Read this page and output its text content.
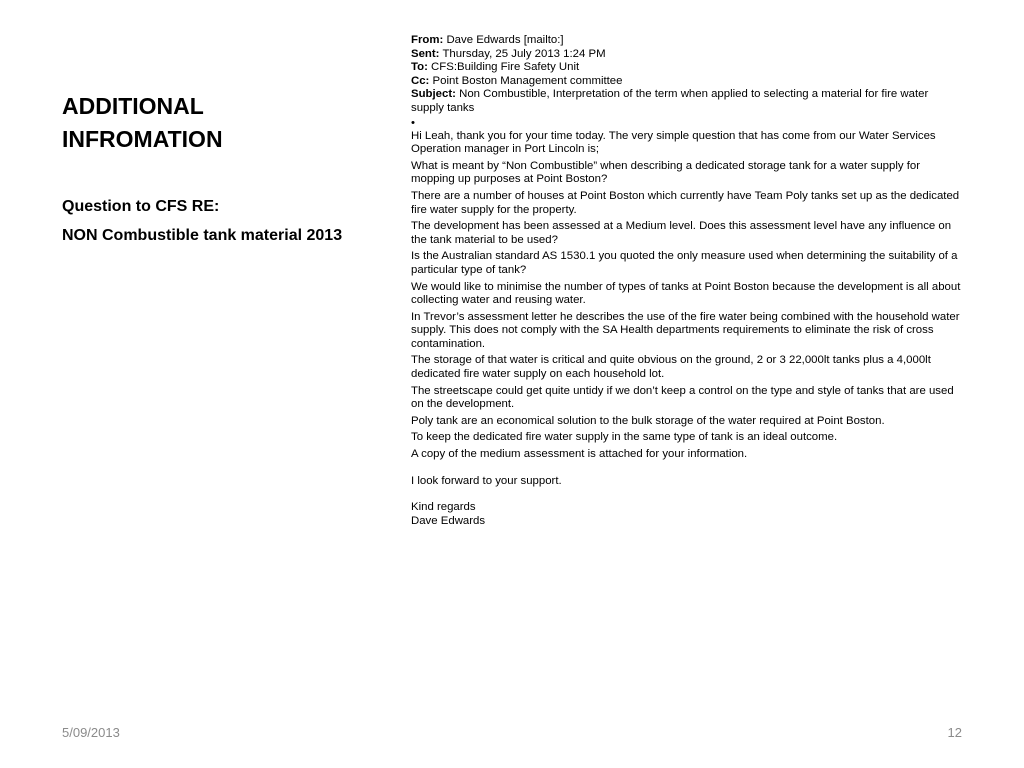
ADDITIONAL
INFROMATION

Question to CFS RE:

NON Combustible tank material 2013

From: Dave Edwards [mailto:]

Sent: Thursday, 25 July 2013 1:24 PM

To: CFS:Building Fire Safety Unit

Cc: Point Boston Management committee

Subject: Non Combustible, Interpretation of the term when applied to selecting a material for fire water supply tanks

•

Hi Leah, thank you for your time today. The very simple question that has come from our Water Services Operation manager in Port Lincoln is;

What is meant by “Non Combustible” when describing a dedicated storage tank for a water supply for mopping up purposes at Point Boston?

There are a number of houses at Point Boston which currently have Team Poly tanks set up as the dedicated fire water supply for the property.

The development has been assessed at a Medium level. Does this assessment level have any influence on the tank material to be used?

Is the Australian standard AS 1530.1 you quoted the only measure used when determining the suitability of a particular type of tank?

We would like to minimise the number of types of tanks at Point Boston because the development is all about collecting water and reusing water.

In Trevor’s assessment letter he describes the use of the fire water being combined with the household water supply. This does not comply with the SA Health departments requirements to eliminate the risk of cross contamination.

The storage of that water is critical and quite obvious on the ground, 2 or 3 22,000lt tanks plus a 4,000lt dedicated fire water supply on each household lot.

The streetscape could get quite untidy if we don’t keep a control on the type and style of tanks that are used on the development.

Poly tank are an economical solution to the bulk storage of the water required at Point Boston.

To keep the dedicated fire water supply in the same type of tank is an ideal outcome.

A copy of the medium assessment is attached for your information.

I look forward to your support.

Kind regards

Dave Edwards

5/09/2013	12
